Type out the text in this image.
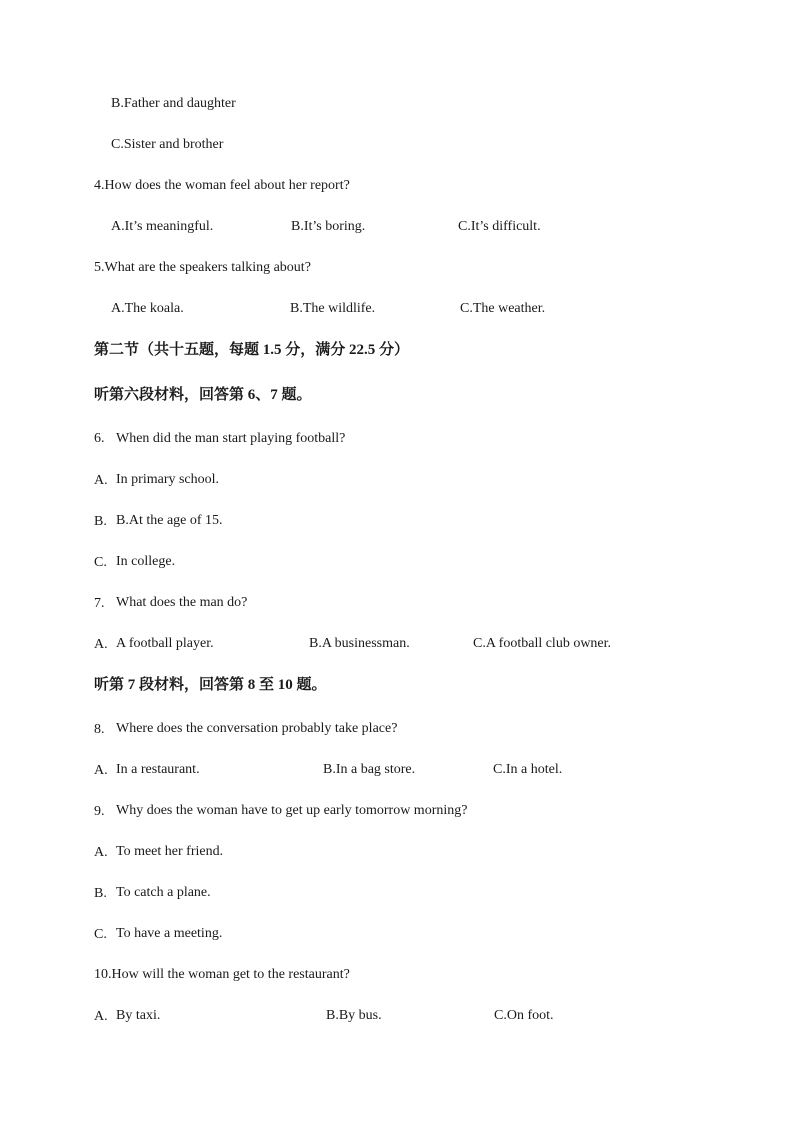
B.Father and daughter
C.Sister and brother
4.How does the woman feel about her report?
A.It’s meaningful.	B.It’s boring.	C.It’s difficult.
5.What are the speakers talking about?
A.The koala.	B.The wildlife.	C.The weather.
第二节（共十五题，每题 1.5 分，满分 22.5 分）
听第六段材料，回答第 6、7 题。
6. When did the man start playing football?
A. In primary school.
B. B.At the age of 15.
C. In college.
7. What does the man do?
A. A football player.	B.A businessman.	C.A football club owner.
听第 7 段材料，回答第 8 至 10 题。
8. Where does the conversation probably take place?
A. In a restaurant.	B.In a bag store.	C.In a hotel.
9. Why does the woman have to get up early tomorrow morning?
A. To meet her friend.
B. To catch a plane.
C. To have a meeting.
10.How will the woman get to the restaurant?
A. By taxi.	B.By bus.	C.On foot.
